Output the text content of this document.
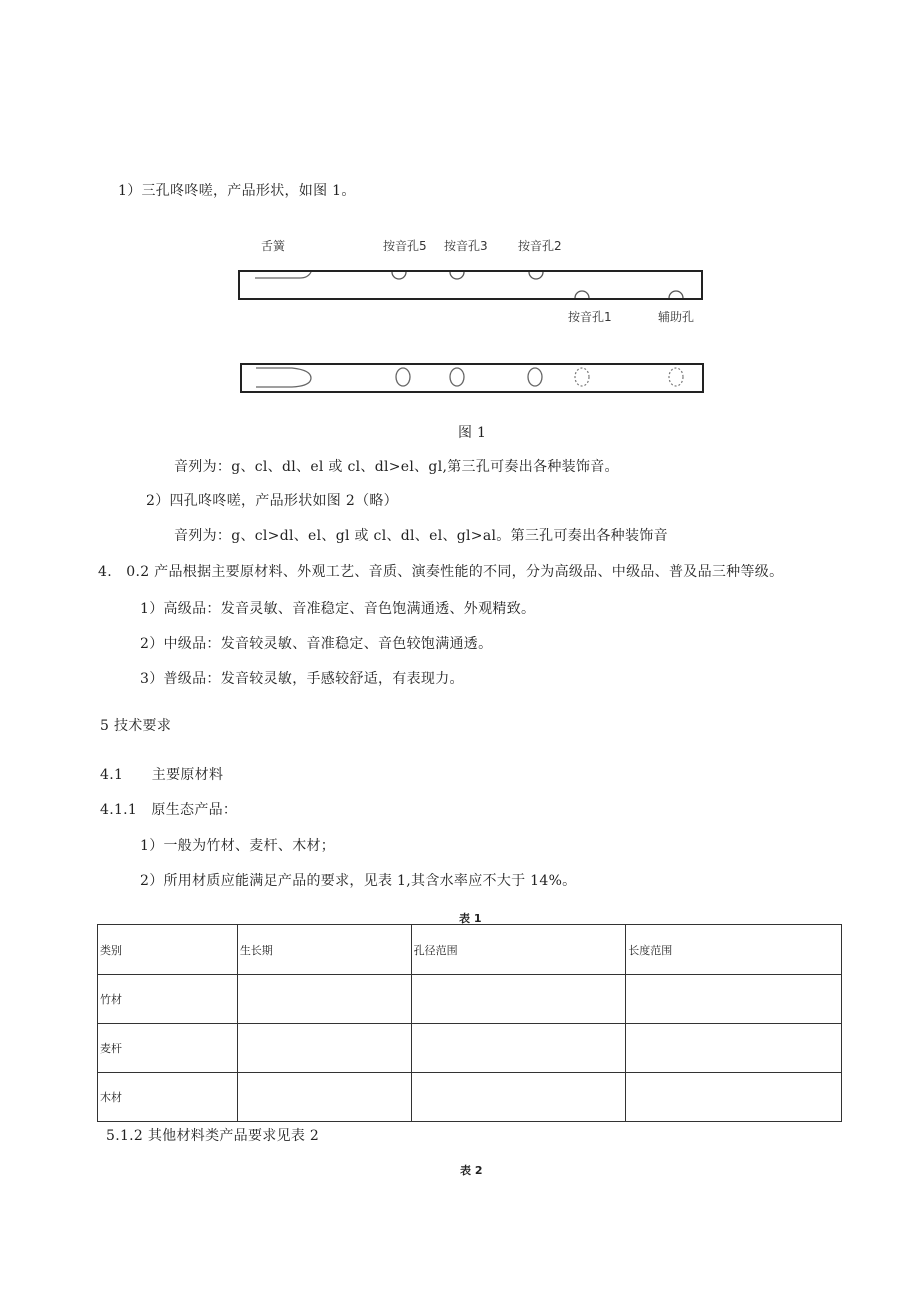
1）三孔咚咚嗟，产品形状，如图 1。
舌簧	按音孔5 按音孔3	按音孔2
按音孔1	辅助孔
图 1
音列为：g、cl、dl、el 或 cl、dl>el、gl,第三孔可奏出各种装饰音。
2）四孔咚咚嗟，产品形状如图 2（略）
音列为：g、cl>dl、el、gl 或 cl、dl、el、gl>al。第三孔可奏出各种装饰音
4.　0.2 产品根据主要原材料、外观工艺、音质、演奏性能的不同，分为高级品、中级品、普及品三种等级。
1）高级品：发音灵敏、音准稳定、音色饱满通透、外观精致。
2）中级品：发音较灵敏、音准稳定、音色较饱满通透。
3）普级品：发音较灵敏，手感较舒适，有表现力。
5 技术要求
4.1　　主要原材料
4.1.1　原生态产品：
1）一般为竹材、麦杆、木材；
2）所用材质应能满足产品的要求，见表 1,其含水率应不大于 14%。
表 1
类别	生长期	孔径范围	长度范围
竹材			
麦杆			
木材			
5.1.2 其他材料类产品要求见表 2
表 2
